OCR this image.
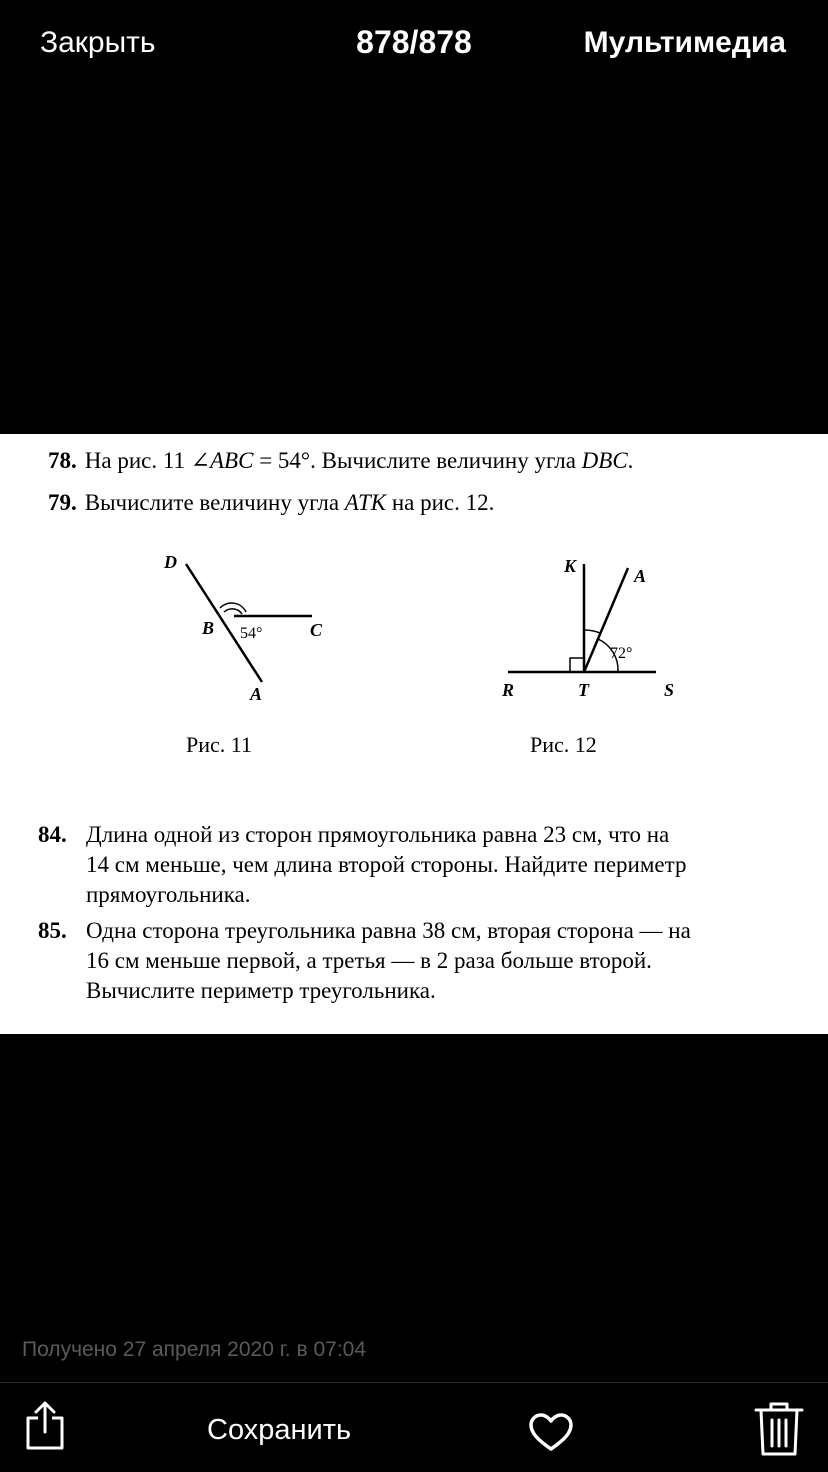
Закрыть	878/878	Мультимедиа
78. На рис. 11 ∠ABC = 54°. Вычислите величину угла DBC.
79. Вычислите величину угла ATK на рис. 12.
D
B 54°	C
A
K	A
72°
R	T	S
Рис. 11	Рис. 12
84. Длина одной из сторон прямоугольника равна 23 см, что на
14 см меньше, чем длина второй стороны. Найдите периметр
прямоугольника.
85. Одна сторона треугольника равна 38 см, вторая сторона — на
16 см меньше первой, а третья — в 2 раза больше второй.
Вычислите периметр треугольника.
Получено 27 апреля 2020 г. в 07:04
Сохранить
